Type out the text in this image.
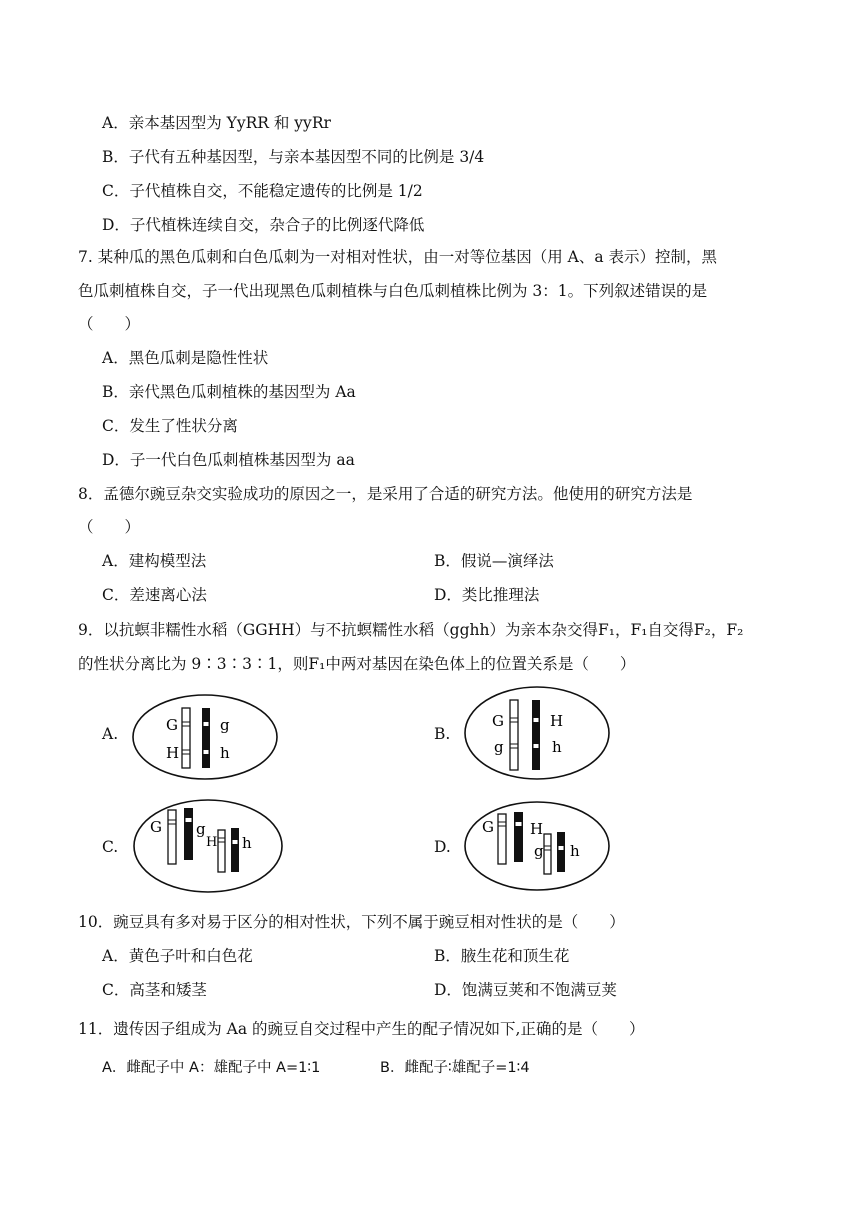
A．亲本基因型为 YyRR 和 yyRr
B．子代有五种基因型，与亲本基因型不同的比例是 3/4
C．子代植株自交，不能稳定遗传的比例是 1/2
D．子代植株连续自交，杂合子的比例逐代降低
7. 某种瓜的黑色瓜刺和白色瓜刺为一对相对性状，由一对等位基因（用 A、a 表示）控制，黑
色瓜刺植株自交，子一代出现黑色瓜刺植株与白色瓜刺植株比例为 3：1。下列叙述错误的是
（　　）
A．黑色瓜刺是隐性性状
B．亲代黑色瓜刺植株的基因型为 Aa
C．发生了性状分离
D．子一代白色瓜刺植株基因型为 aa
8．孟德尔豌豆杂交实验成功的原因之一，是采用了合适的研究方法。他使用的研究方法是
（　　）
A．建构模型法	B．假说—演绎法
C．差速离心法	D．类比推理法
9．以抗螟非糯性水稻（GGHH）与不抗螟糯性水稻（gghh）为亲本杂交得F₁，F₁自交得F₂，F₂
的性状分离比为 9∶3∶3∶1，则F₁中两对基因在染色体上的位置关系是（　　）
A.	G
H
g
h
B.
G
g
H
h
C.
G g
H h	D.
G H
g h
10．豌豆具有多对易于区分的相对性状，下列不属于豌豆相对性状的是（　　）
A．黄色子叶和白色花	B．腋生花和顶生花
C．高茎和矮茎	D．饱满豆荚和不饱满豆荚
11．遗传因子组成为 Aa 的豌豆自交过程中产生的配子情况如下,正确的是（　　）
A．雌配子中 A：雄配子中 A=1∶1	B．雌配子∶雄配子=1∶4
